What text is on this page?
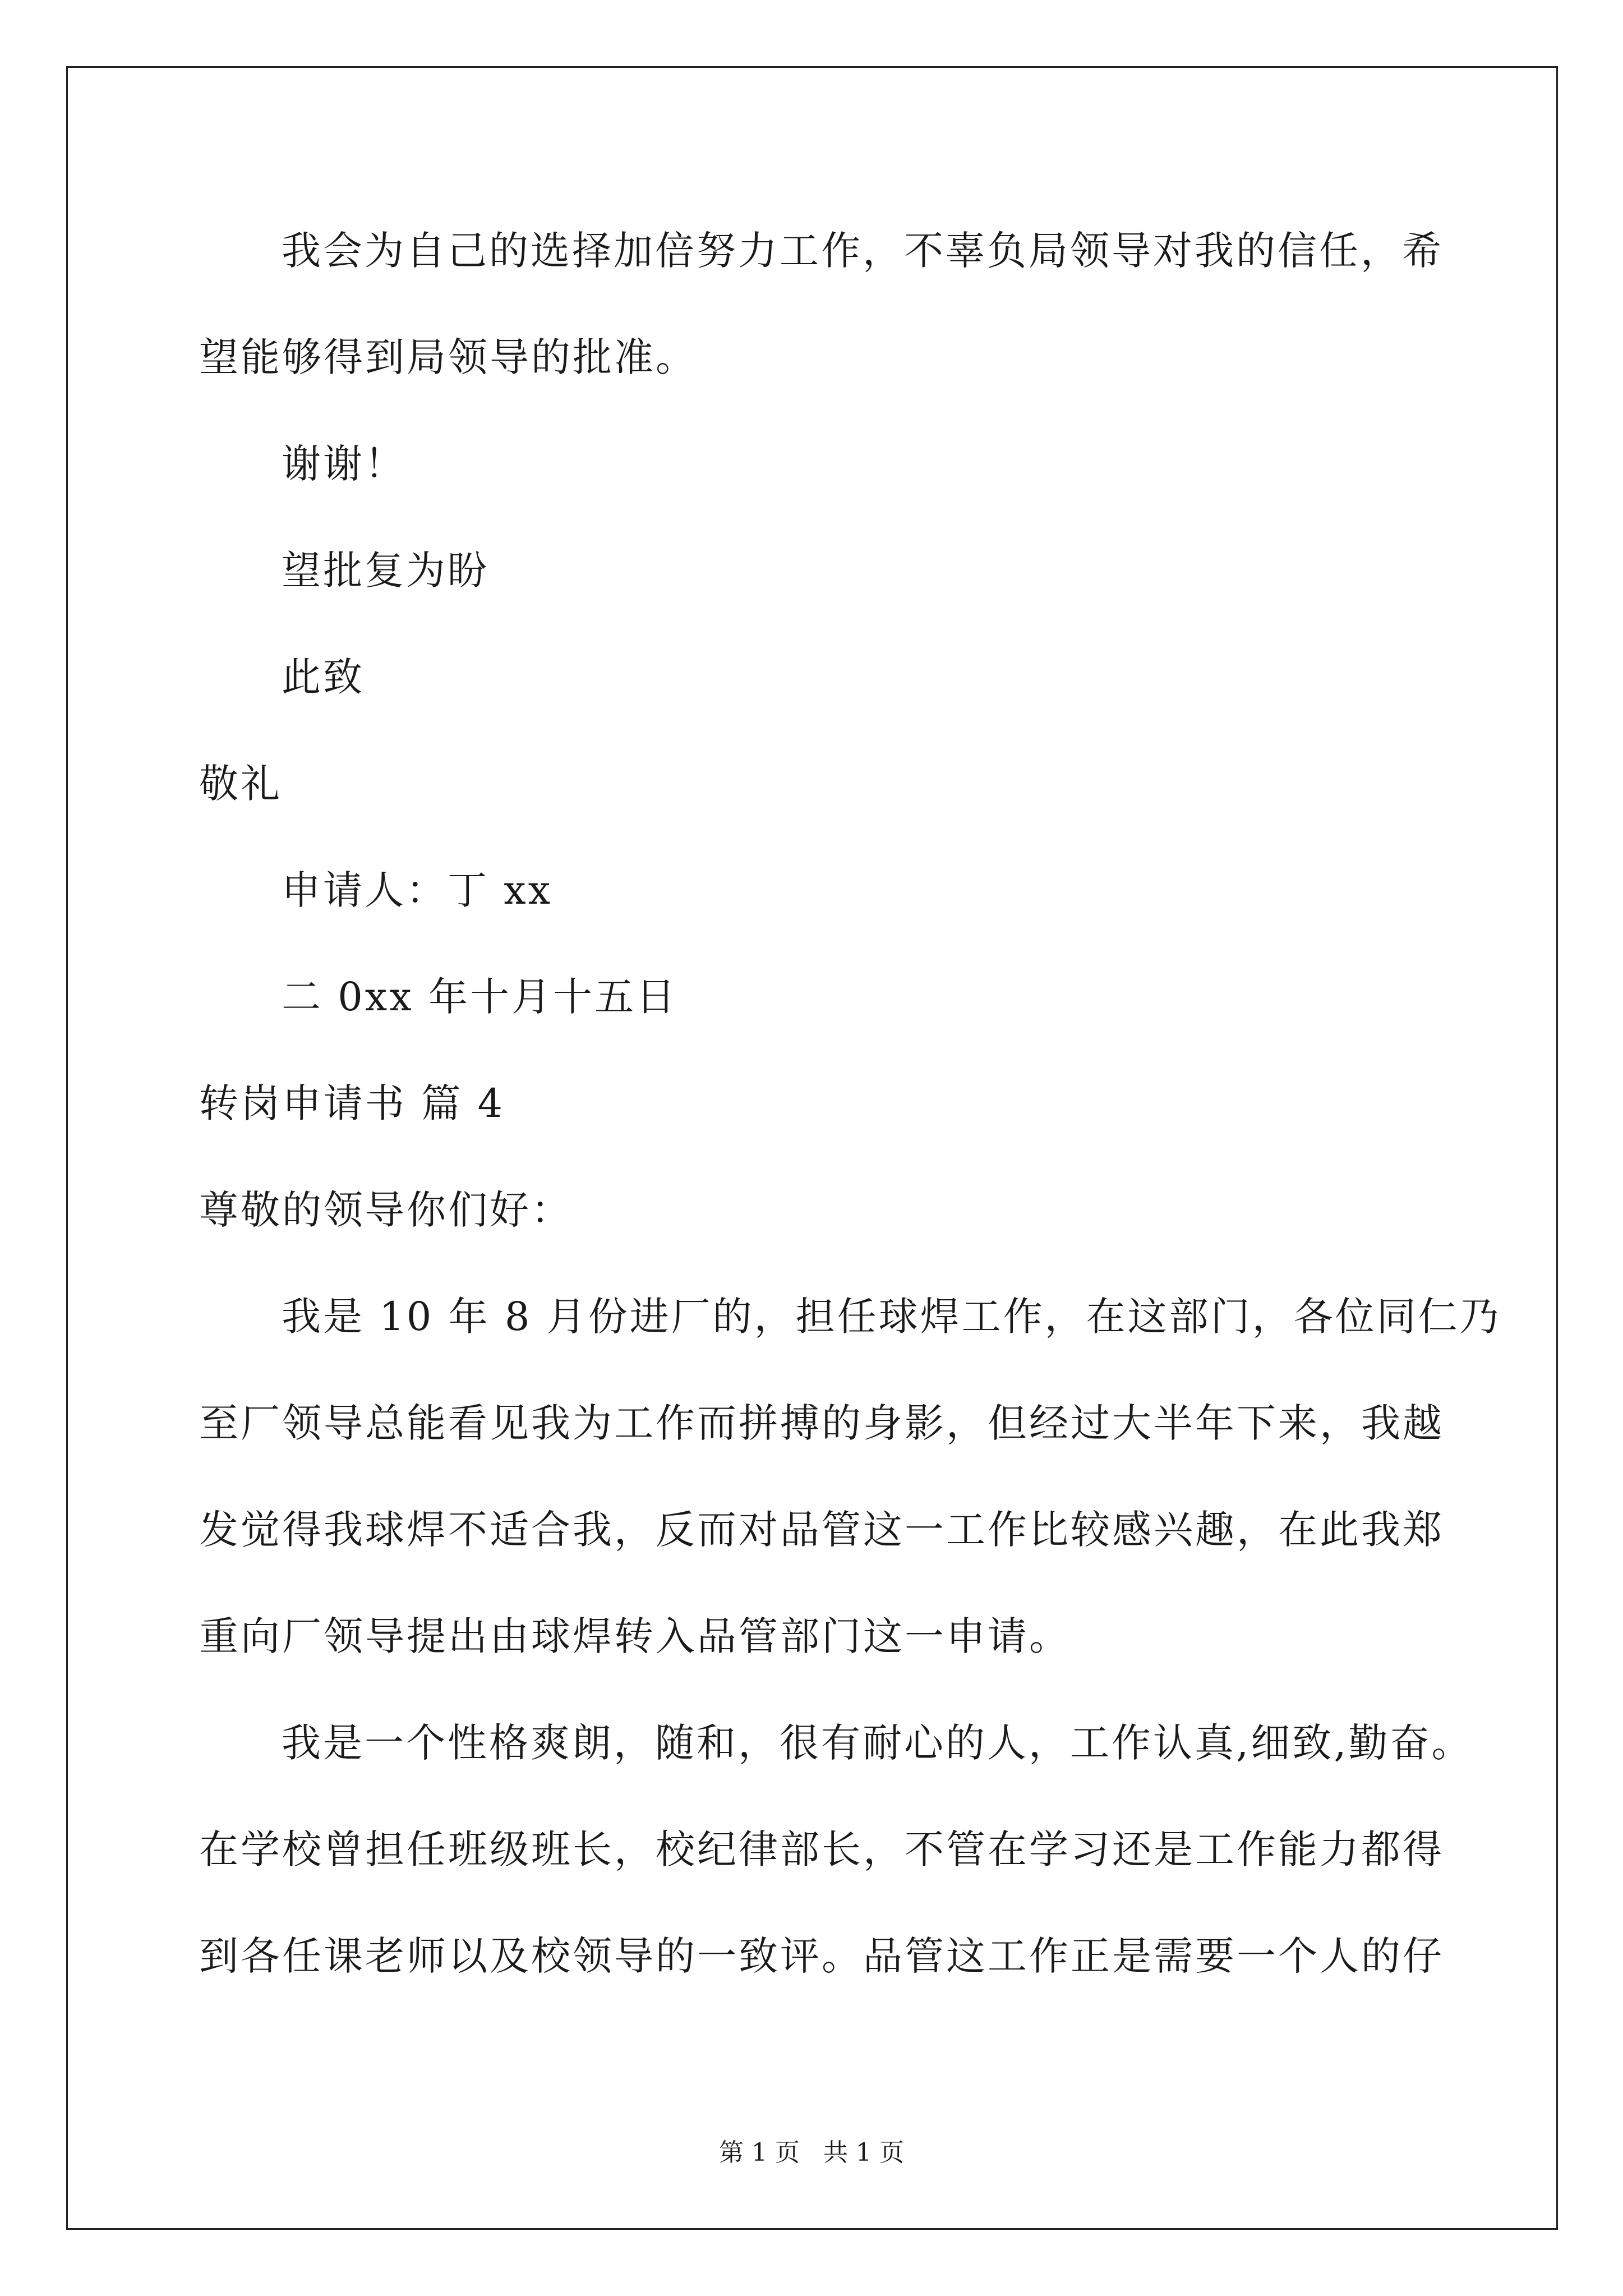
我会为自己的选择加倍努力工作，不辜负局领导对我的信任，希
望能够得到局领导的批准。
谢谢！
望批复为盼
此致
敬礼
申请人：丁 xx
二 0xx 年十月十五日
转岗申请书 篇 4
尊敬的领导你们好：
我是 10 年 8 月份进厂的，担任球焊工作，在这部门，各位同仁乃
至厂领导总能看见我为工作而拼搏的身影，但经过大半年下来，我越
发觉得我球焊不适合我，反而对品管这一工作比较感兴趣，在此我郑
重向厂领导提出由球焊转入品管部门这一申请。
我是一个性格爽朗，随和，很有耐心的人，工作认真,细致,勤奋。
在学校曾担任班级班长，校纪律部长，不管在学习还是工作能力都得
到各任课老师以及校领导的一致评。品管这工作正是需要一个人的仔
第 1 页 共 1 页
